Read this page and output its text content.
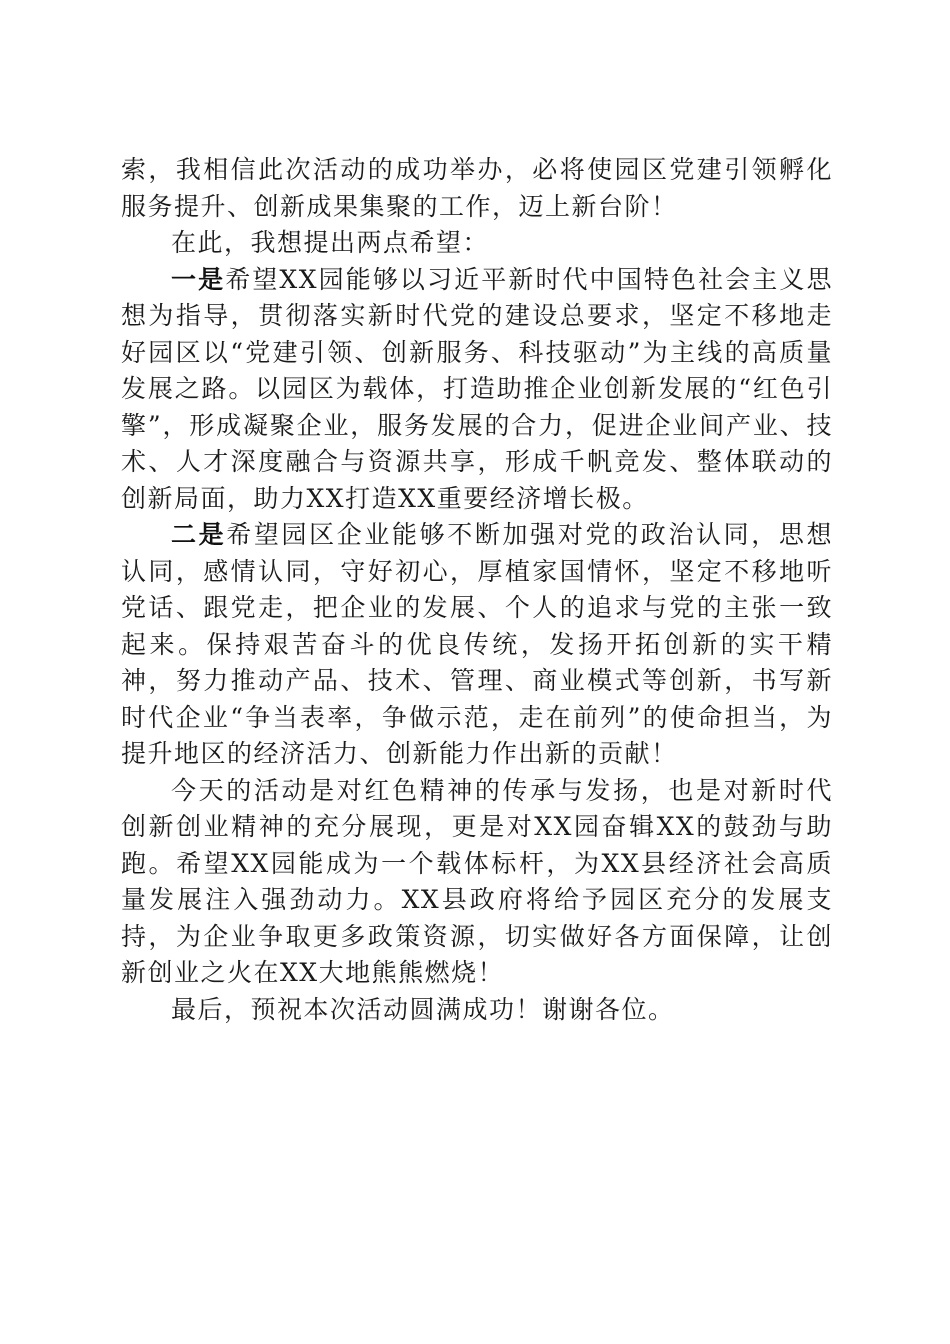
索，我相信此次活动的成功举办，必将使园区党建引领孵化服务提升、创新成果集聚的工作，迈上新台阶！

在此，我想提出两点希望：

一是希望XX园能够以习近平新时代中国特色社会主义思想为指导，贯彻落实新时代党的建设总要求，坚定不移地走好园区以“党建引领、创新服务、科技驱动”为主线的高质量发展之路。以园区为载体，打造助推企业创新发展的“红色引擎”，形成凝聚企业，服务发展的合力，促进企业间产业、技术、人才深度融合与资源共享，形成千帆竞发、整体联动的创新局面，助力XX打造XX重要经济增长极。

二是希望园区企业能够不断加强对党的政治认同，思想认同，感情认同，守好初心，厚植家国情怀，坚定不移地听党话、跟党走，把企业的发展、个人的追求与党的主张一致起来。保持艰苦奋斗的优良传统，发扬开拓创新的实干精神，努力推动产品、技术、管理、商业模式等创新，书写新时代企业“争当表率，争做示范，走在前列”的使命担当，为提升地区的经济活力、创新能力作出新的贡献！

今天的活动是对红色精神的传承与发扬，也是对新时代创新创业精神的充分展现，更是对XX园奋辑XX的鼓劲与助跑。希望XX园能成为一个载体标杆，为XX县经济社会高质量发展注入强劲动力。XX县政府将给予园区充分的发展支持，为企业争取更多政策资源，切实做好各方面保障，让创新创业之火在XX大地熊熊燃烧！

最后，预祝本次活动圆满成功！谢谢各位。
